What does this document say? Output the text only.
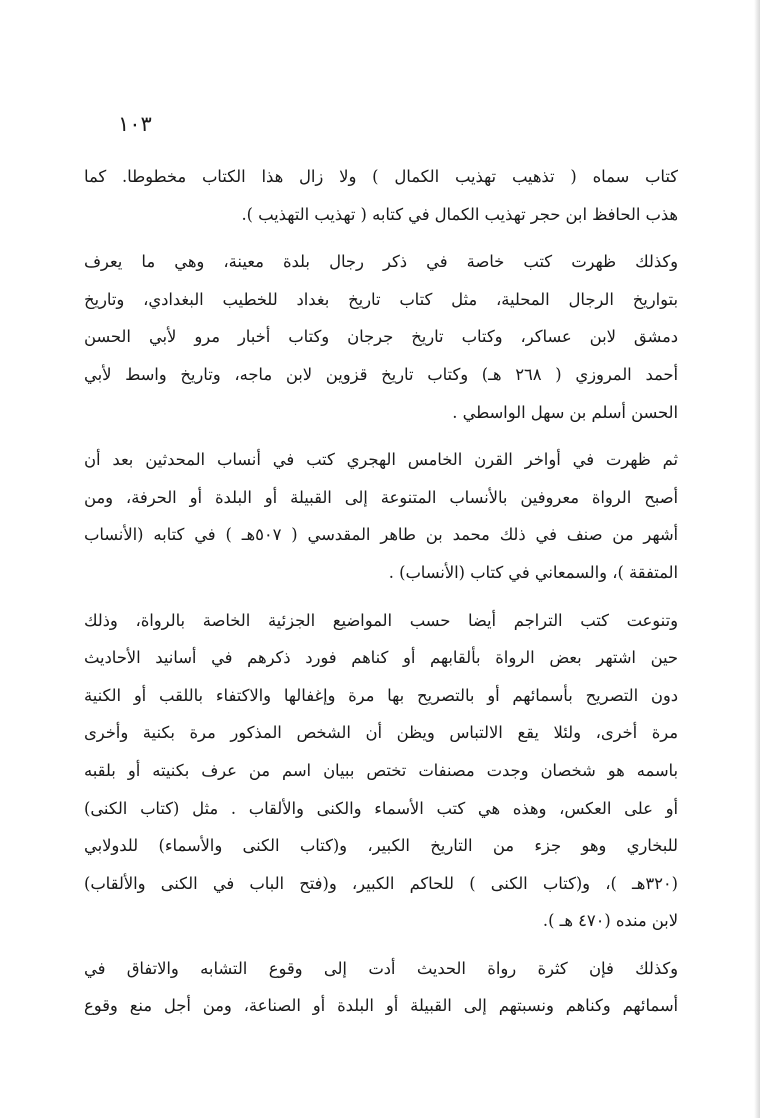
١٠٣
كتاب سماه ( تذهيب تهذيب الكمال ) ولا زال هذا الكتاب مخطوطا. كما
هذب الحافظ ابن حجر تهذيب الكمال في كتابه ( تهذيب التهذيب ).
وكذلك ظهرت كتب خاصة في ذكر رجال بلدة معينة، وهي ما يعرف
بتواريخ الرجال المحلية، مثل كتاب تاريخ بغداد للخطيب البغدادي، وتاريخ
دمشق لابن عساكر، وكتاب تاريخ جرجان وكتاب أخبار مرو لأبي الحسن
أحمد المروزي ( ٢٦٨ هـ) وكتاب تاريخ قزوين لابن ماجه، وتاريخ واسط لأبي
الحسن أسلم بن سهل الواسطي .
ثم ظهرت في أواخر القرن الخامس الهجري كتب في أنساب المحدثين بعد أن
أصبح الرواة معروفين بالأنساب المتنوعة إلى القبيلة أو البلدة أو الحرفة، ومن
أشهر من صنف في ذلك محمد بن طاهر المقدسي ( ٥٠٧هـ ) في كتابه (الأنساب
المتفقة )، والسمعاني في كتاب (الأنساب) .
وتنوعت كتب التراجم أيضا حسب المواضيع الجزئية الخاصة بالرواة، وذلك
حين اشتهر بعض الرواة بألقابهم أو كناهم فورد ذكرهم في أسانيد الأحاديث
دون التصريح بأسمائهم أو بالتصريح بها مرة وإغفالها والاكتفاء باللقب أو الكنية
مرة أخرى، ولئلا يقع الالتباس ويظن أن الشخص المذكور مرة بكنية وأخرى
باسمه هو شخصان وجدت مصنفات تختص ببيان اسم من عرف بكنيته أو بلقبه
أو على العكس، وهذه هي كتب الأسماء والكنى والألقاب . مثل (كتاب الكنى)
للبخاري وهو جزء من التاريخ الكبير، و(كتاب الكنى والأسماء) للدولابي
(٣٢٠هـ )، و(كتاب الكنى ) للحاكم الكبير، و(فتح الباب في الكنى والألقاب)
لابن منده (٤٧٠ هـ ).
وكذلك فإن كثرة رواة الحديث أدت إلى وقوع التشابه والاتفاق في
أسمائهم وكناهم ونسبتهم إلى القبيلة أو البلدة أو الصناعة، ومن أجل منع وقوع
